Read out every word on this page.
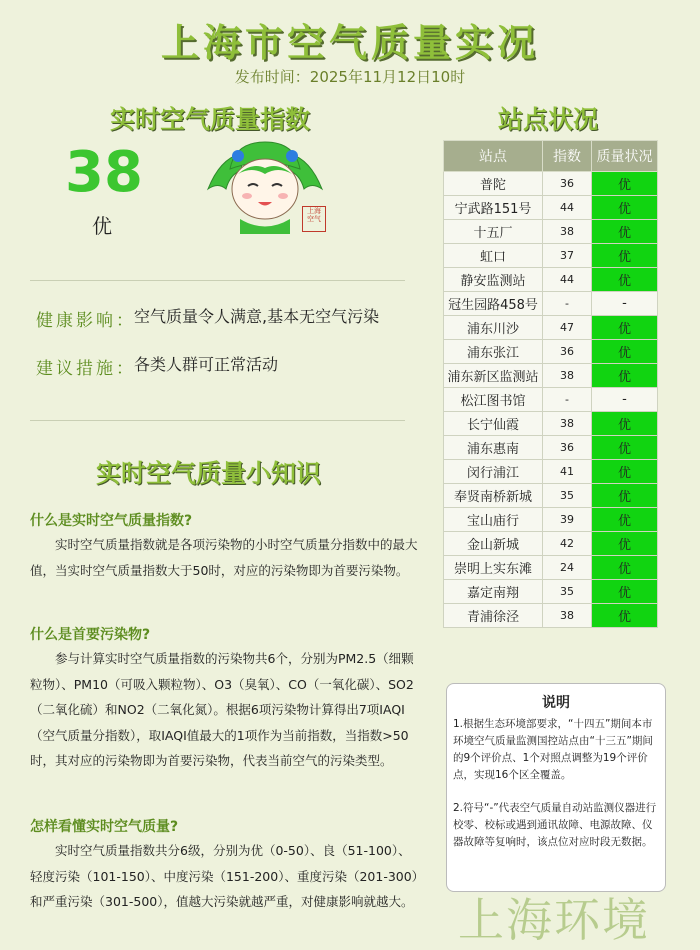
上海市空气质量实况
发布时间：2025年11月12日10时
实时空气质量指数
38
优
上海
空气
健康影响：
空气质量令人满意,基本无空气污染
建议措施：
各类人群可正常活动
实时空气质量小知识
什么是实时空气质量指数?
实时空气质量指数就是各项污染物的小时空气质量分指数中的最大值，当实时空气质量指数大于50时，对应的污染物即为首要污染物。
什么是首要污染物?
参与计算实时空气质量指数的污染物共6个，分别为PM2.5（细颗粒物）、PM10（可吸入颗粒物）、O3（臭氧）、CO（一氧化碳）、SO2（二氧化硫）和NO2（二氧化氮）。根据6项污染物计算得出7项IAQI（空气质量分指数），取IAQI值最大的1项作为当前指数，当指数>50时，其对应的污染物即为首要污染物，代表当前空气的污染类型。
怎样看懂实时空气质量?
实时空气质量指数共分6级，分别为优（0-50）、良（51-100）、轻度污染（101-150）、中度污染（151-200）、重度污染（201-300）和严重污染（301-500），值越大污染就越严重，对健康影响就越大。
站点状况
站点	指数	质量状况
普陀	36	优
宁武路151号	44	优
十五厂	38	优
虹口	37	优
静安监测站	44	优
冠生园路458号	-	-
浦东川沙	47	优
浦东张江	36	优
浦东新区监测站	38	优
松江图书馆	-	-
长宁仙霞	38	优
浦东惠南	36	优
闵行浦江	41	优
奉贤南桥新城	35	优
宝山庙行	39	优
金山新城	42	优
崇明上实东滩	24	优
嘉定南翔	35	优
青浦徐泾	38	优
说明
1.根据生态环境部要求，“十四五”期间本市环境空气质量监测国控站点由“十三五”期间的9个评价点、1个对照点调整为19个评价点，实现16个区全覆盖。
2.符号“-”代表空气质量自动站监测仪器进行校零、校标或遇到通讯故障、电源故障、仪器故障等复响时，该点位对应时段无数据。
上海环境
